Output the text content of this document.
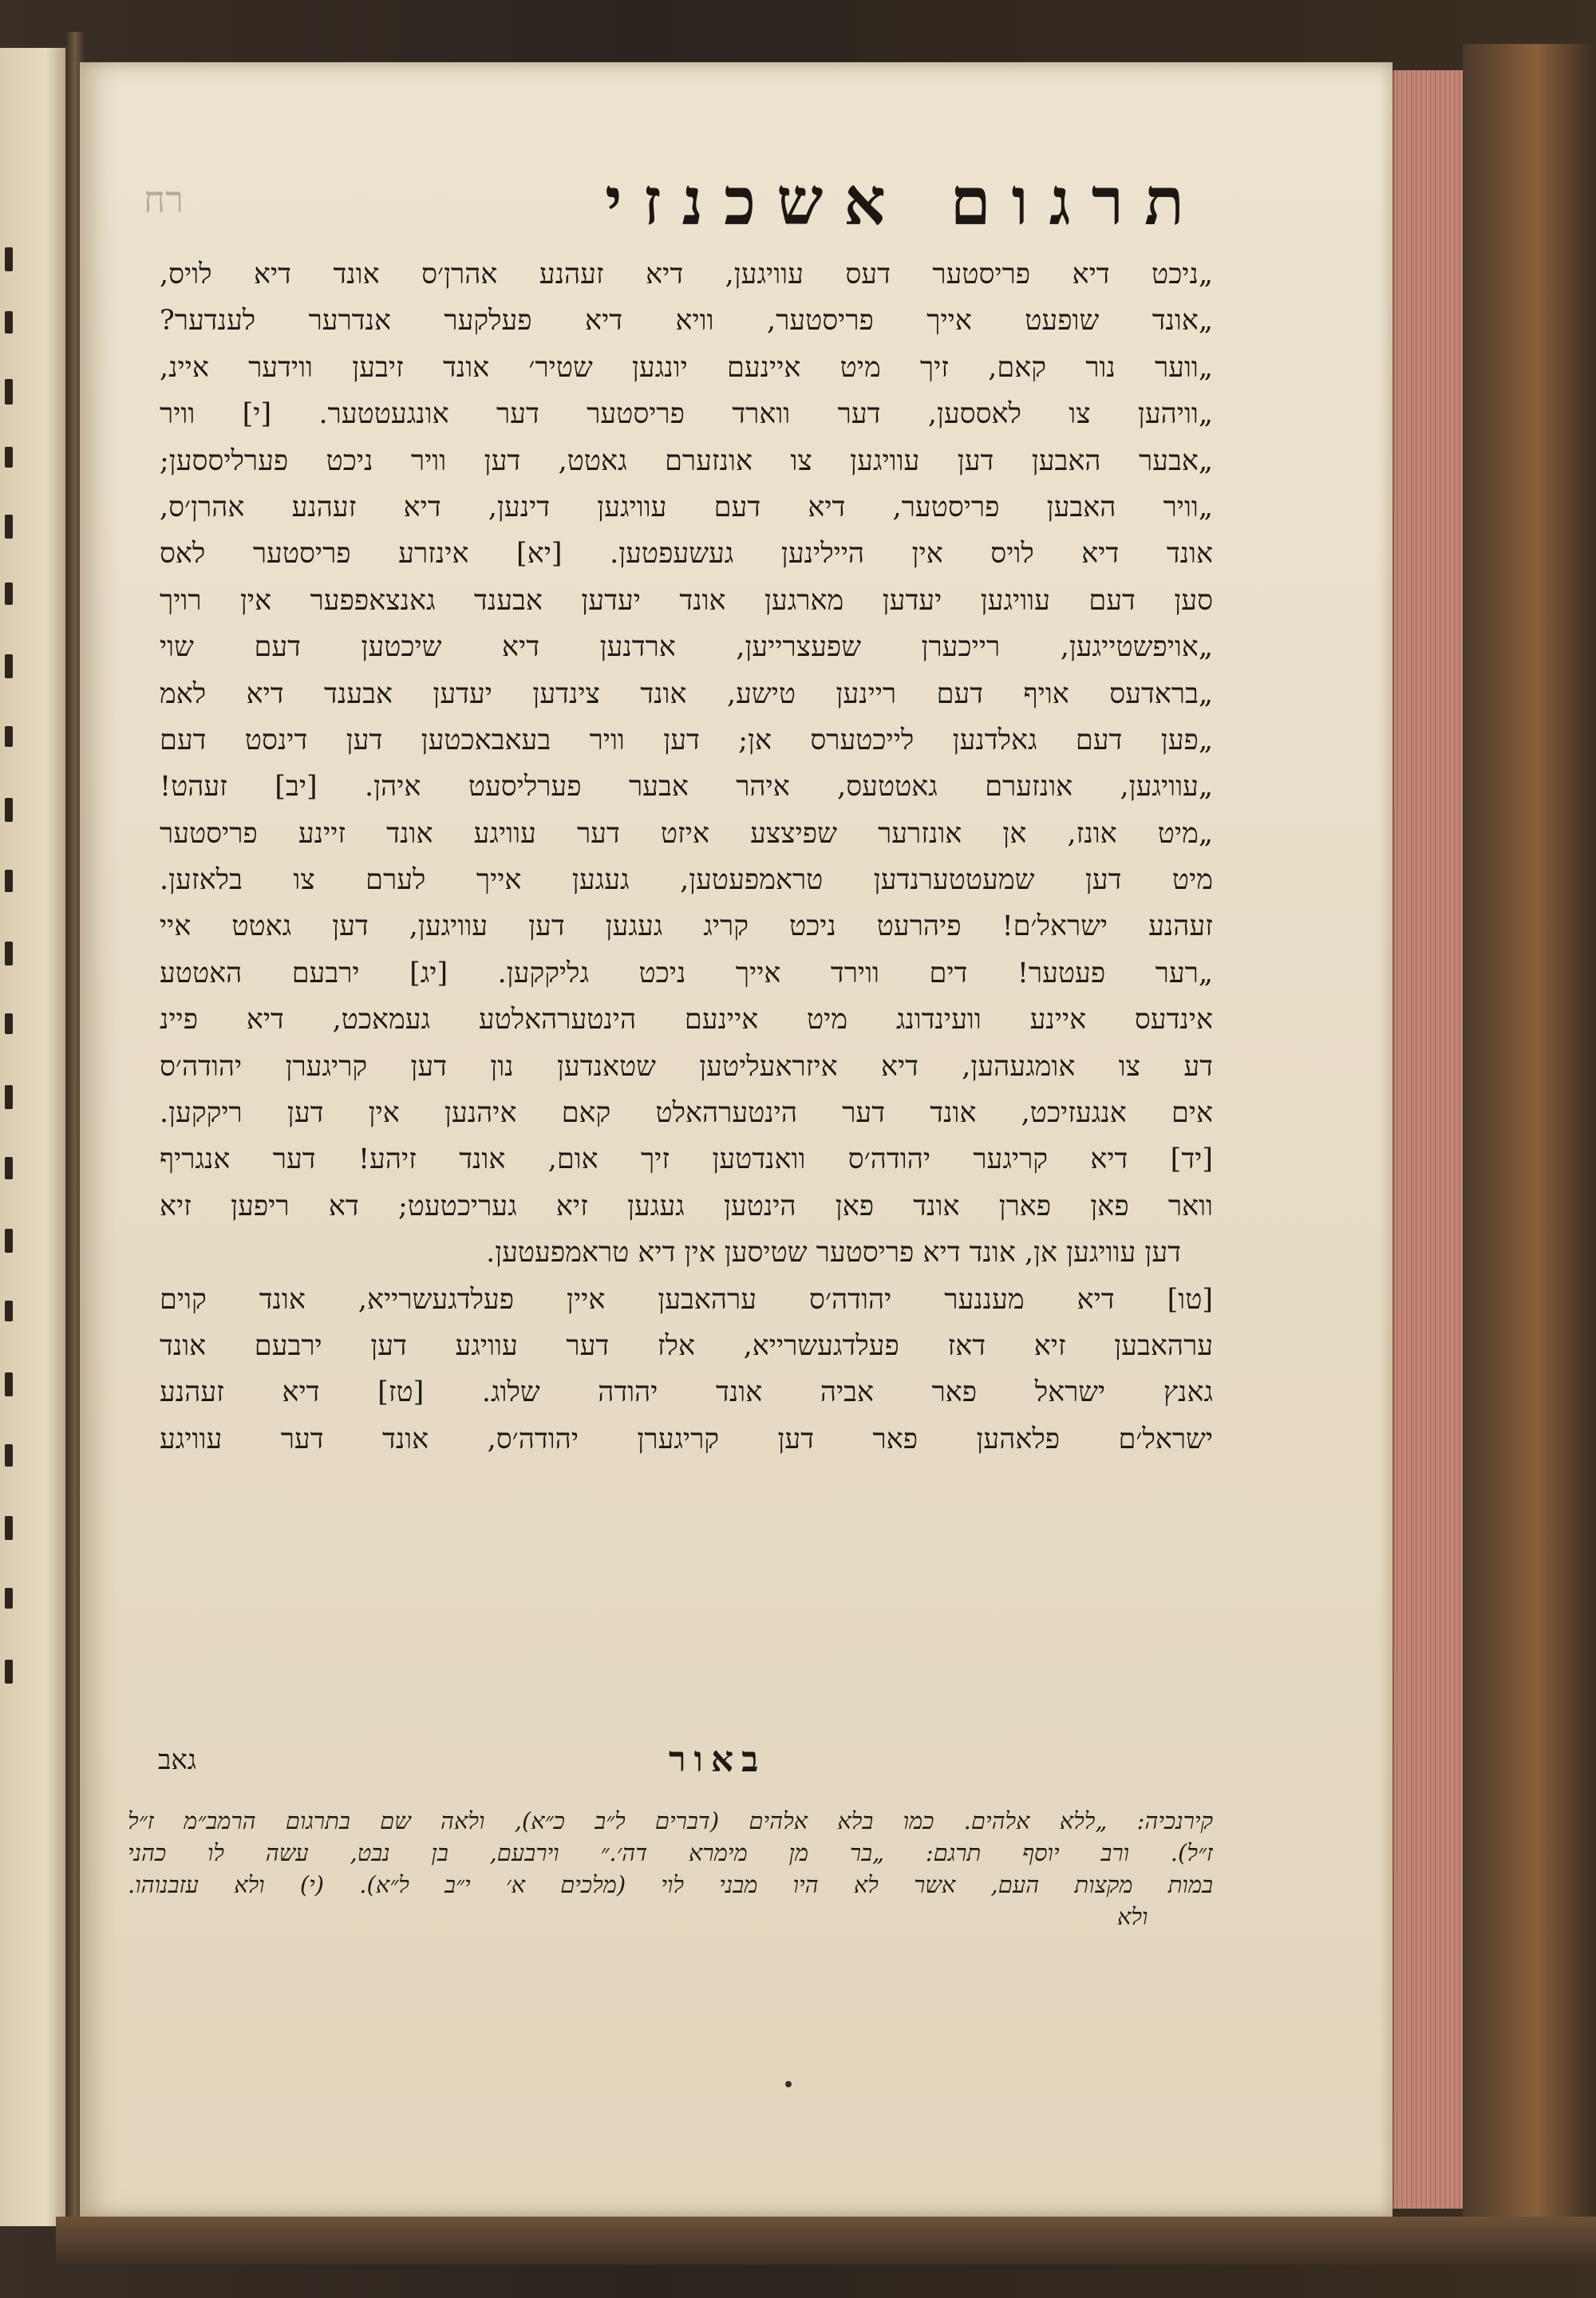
רח	תרגום אשכנזי
„ניכט דיא פריסטער דעס עוויגען, דיא זעהנע אהרן׳ס אונד דיא לויס,
„אונד שופעט אייך פריסטער, וויא דיא פעלקער אנדרער לענדער?
„ווער נור קאם, זיך מיט איינעם יונגען שטיר׳ אונד זיבען ווידער איינ,
„וויהען צו לאססען, דער ווארד פריסטער דער אונגעטטער. [י] וויר
„אבער האבען דען עוויגען צו אונזערם גאטט, דען וויר ניכט פערליססען;
„וויר האבען פריסטער, דיא דעם עוויגען דינען, דיא זעהנע אהרן׳ס,
אונד דיא לויס אין היילינען געשעפטען. [יא] אינזרע פריסטער לאס
סען דעם עוויגען יעדען מארגען אונד יעדען אבענד גאנצאפפער אין רויך
„אויפשטייגען, רייכערן שפעצרייען, ארדנען דיא שיכטען דעם שוי
„בראדעס אויף דעם ריינען טישע, אונד צינדען יעדען אבענד דיא לאמ
„פען דעם גאלדנען לייכטערס אן; דען וויר בעאבאכטען דען דינסט דעם
„עוויגען, אונזערם גאטטעס, איהר אבער פערליסעט איהן. [יב] זעהט!
„מיט אונז, אן אונזרער שפיצצע איזט דער עוויגע אונד זיינע פריסטער
מיט דען שמעטטערנדען טראמפעטען, געגען אייך לערם צו בלאזען.
זעהנע ישראל׳ם! פיהרעט ניכט קריג געגען דען עוויגען, דען גאטט איי
„רער פעטער! דים ווירד אייך ניכט גליקקען. [יג] ירבעם האטטע
אינדעס איינע וועינדונג מיט איינעם הינטערהאלטע געמאכט, דיא פיינ
דע צו אומגעהען, דיא איזראעליטען שטאנדען נון דען קריגערן יהודה׳ס
אים אנגעזיכט, אונד דער הינטערהאלט קאם איהנען אין דען ריקקען.
[יד] דיא קריגער יהודה׳ס וואנדטען זיך אום, אונד זיהע! דער אנגריף
וואר פאן פארן אונד פאן הינטען געגען זיא געריכטעט; דא ריפען זיא
דען עוויגען אן, אונד דיא פריסטער שטיסען אין דיא טראמפעטען.
[טו] דיא מעננער יהודה׳ס ערהאבען איין פעלדגעשרייא, אונד קוים
ערהאבען זיא דאז פעלדגעשרייא, אלז דער עוויגע דען ירבעם אונד
גאנץ ישראל פאר אביה אונד יהודה שלוג. [טז] דיא זעהנע
ישראל׳ם פלאהען פאר דען קריגערן יהודה׳ס, אונד דער עוויגע
גאב	באור
קירנכיה: „ללא אלהים. כמו בלא אלהים (דברים ל״ב כ״א), ולאה שם בתרגום הרמב״מ ז״ל
ז״ל). ורב יוסף תרגם: „בר מן מימרא דה׳.״ וירבעם, בן נבט, עשה לו כהני
במות מקצות העם, אשר לא היו מבני לוי (מלכים א׳ י״ב ל״א). (י) ולא עזבנוהו.
ולא
